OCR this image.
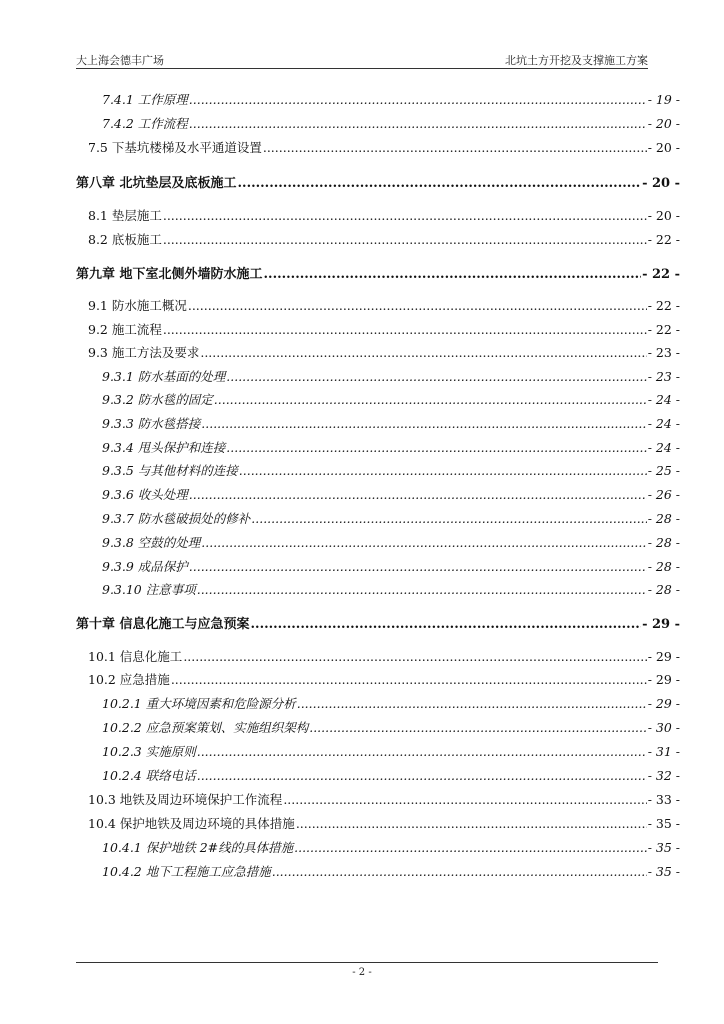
大上海会德丰广场	北坑土方开挖及支撑施工方案
7.4.1 工作原理 .....	- 19 -
7.4.2 工作流程 .....	- 20 -
7.5 下基坑楼梯及水平通道设置 .....	- 20 -
第八章 北坑垫层及底板施工 .....	- 20 -
8.1 垫层施工 .....	- 20 -
8.2 底板施工 .....	- 22 -
第九章 地下室北侧外墙防水施工 .....	- 22 -
9.1 防水施工概况 .....	- 22 -
9.2 施工流程 .....	- 22 -
9.3 施工方法及要求 .....	- 23 -
9.3.1 防水基面的处理 .....	- 23 -
9.3.2 防水毯的固定 .....	- 24 -
9.3.3 防水毯搭接 .....	- 24 -
9.3.4 甩头保护和连接 .....	- 24 -
9.3.5 与其他材料的连接 .....	- 25 -
9.3.6 收头处理 .....	- 26 -
9.3.7 防水毯破损处的修补 .....	- 28 -
9.3.8 空鼓的处理 .....	- 28 -
9.3.9 成品保护 .....	- 28 -
9.3.10 注意事项 .....	- 28 -
第十章 信息化施工与应急预案 .....	- 29 -
10.1 信息化施工 .....	- 29 -
10.2 应急措施 .....	- 29 -
10.2.1 重大环境因素和危险源分析 .....	- 29 -
10.2.2 应急预案策划、实施组织架构 .....	- 30 -
10.2.3 实施原则 .....	- 31 -
10.2.4 联络电话 .....	- 32 -
10.3 地铁及周边环境保护工作流程 .....	- 33 -
10.4 保护地铁及周边环境的具体措施 .....	- 35 -
10.4.1 保护地铁 2#线的具体措施 .....	- 35 -
10.4.2 地下工程施工应急措施 .....	- 35 -
- 2 -
